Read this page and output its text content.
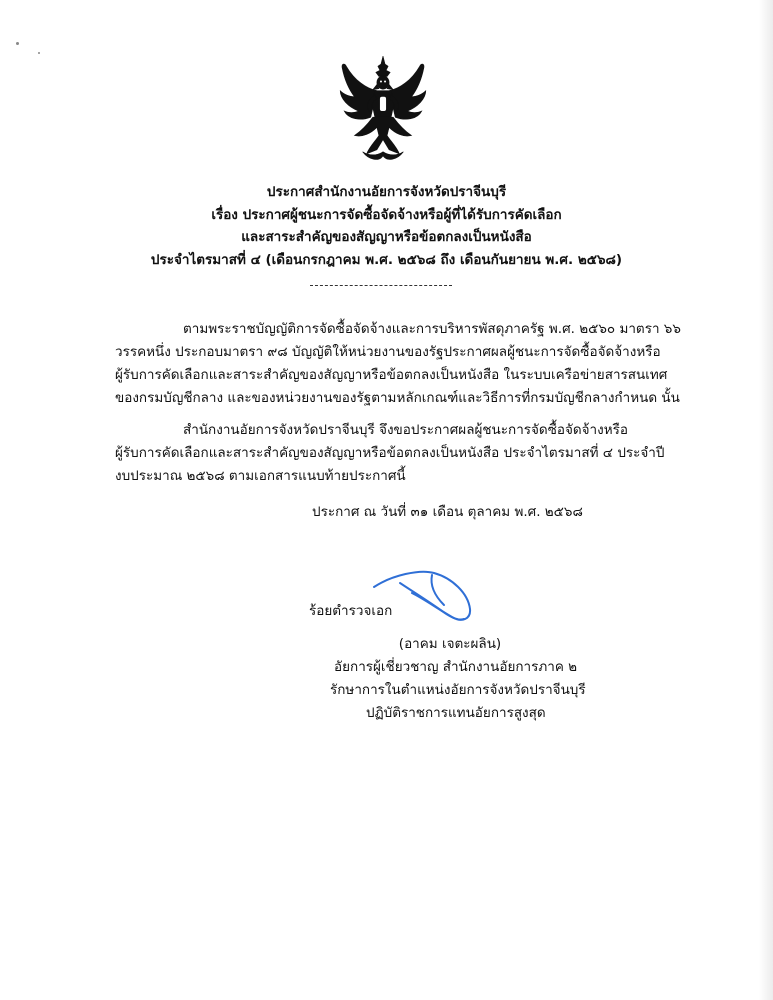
ประกาศสำนักงานอัยการจังหวัดปราจีนบุรี
เรื่อง ประกาศผู้ชนะการจัดซื้อจัดจ้างหรือผู้ที่ได้รับการคัดเลือก
และสาระสำคัญของสัญญาหรือข้อตกลงเป็นหนังสือ
ประจำไตรมาสที่ ๔ (เดือนกรกฎาคม พ.ศ. ๒๕๖๘ ถึง เดือนกันยายน พ.ศ. ๒๕๖๘)
ตามพระราชบัญญัติการจัดซื้อจัดจ้างและการบริหารพัสดุภาครัฐ พ.ศ. ๒๕๖๐ มาตรา ๖๖
วรรคหนึ่ง ประกอบมาตรา ๙๘ บัญญัติให้หน่วยงานของรัฐประกาศผลผู้ชนะการจัดซื้อจัดจ้างหรือ
ผู้รับการคัดเลือกและสาระสำคัญของสัญญาหรือข้อตกลงเป็นหนังสือ ในระบบเครือข่ายสารสนเทศ
ของกรมบัญชีกลาง และของหน่วยงานของรัฐตามหลักเกณฑ์และวิธีการที่กรมบัญชีกลางกำหนด นั้น
สำนักงานอัยการจังหวัดปราจีนบุรี จึงขอประกาศผลผู้ชนะการจัดซื้อจัดจ้างหรือ
ผู้รับการคัดเลือกและสาระสำคัญของสัญญาหรือข้อตกลงเป็นหนังสือ ประจำไตรมาสที่ ๔ ประจำปี
งบประมาณ ๒๕๖๘ ตามเอกสารแนบท้ายประกาศนี้
ประกาศ ณ วันที่ ๓๑ เดือน ตุลาคม พ.ศ. ๒๕๖๘
ร้อยตำรวจเอก
(อาคม เจตะผลิน)
อัยการผู้เชี่ยวชาญ สำนักงานอัยการภาค ๒
รักษาการในตำแหน่งอัยการจังหวัดปราจีนบุรี
ปฏิบัติราชการแทนอัยการสูงสุด
